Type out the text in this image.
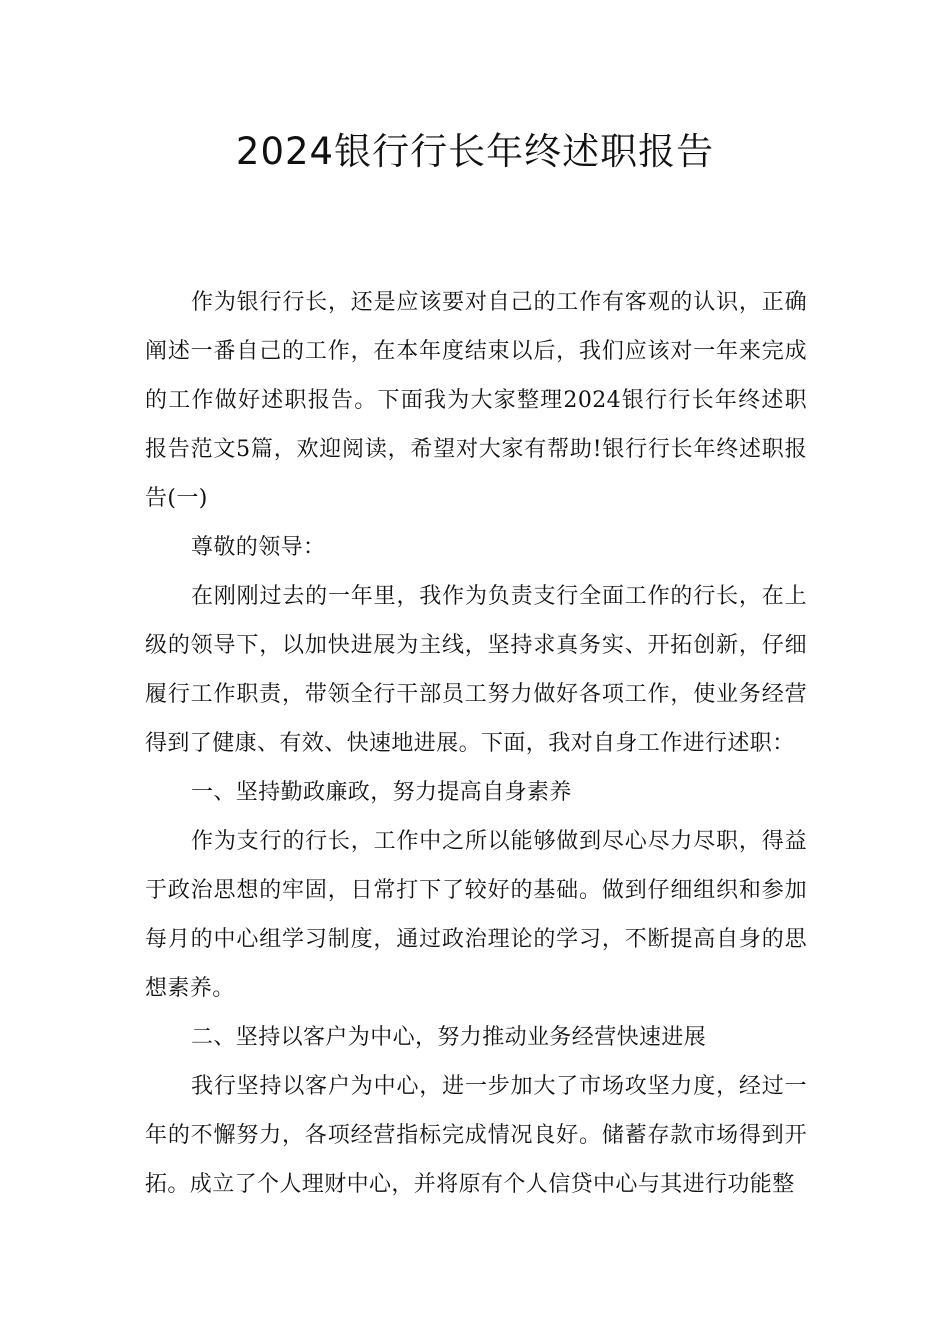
2024银行行长年终述职报告

作为银行行长，还是应该要对自己的工作有客观的认识，正确阐述一番自己的工作，在本年度结束以后，我们应该对一年来完成的工作做好述职报告。下面我为大家整理2024银行行长年终述职报告范文5篇，欢迎阅读，希望对大家有帮助!银行行长年终述职报告(一)

尊敬的领导：

在刚刚过去的一年里，我作为负责支行全面工作的行长，在上级的领导下，以加快进展为主线，坚持求真务实、开拓创新，仔细履行工作职责，带领全行干部员工努力做好各项工作，使业务经营得到了健康、有效、快速地进展。下面，我对自身工作进行述职：

一、坚持勤政廉政，努力提高自身素养

作为支行的行长，工作中之所以能够做到尽心尽力尽职，得益于政治思想的牢固，日常打下了较好的基础。做到仔细组织和参加每月的中心组学习制度，通过政治理论的学习，不断提高自身的思想素养。

二、坚持以客户为中心，努力推动业务经营快速进展

我行坚持以客户为中心，进一步加大了市场攻坚力度，经过一年的不懈努力，各项经营指标完成情况良好。储蓄存款市场得到开拓。成立了个人理财中心，并将原有个人信贷中心与其进行功能整
